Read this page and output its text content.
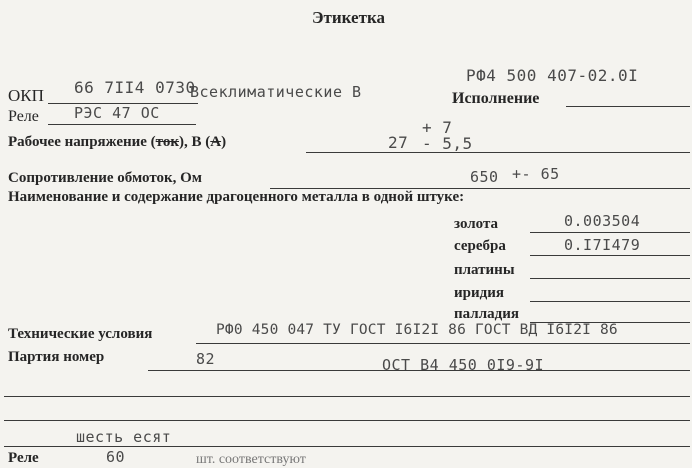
Этикетка
РФ4 500 407-02.0I
Исполнение
ОКП 66 7II4 0730
Всеклиматические В
Реле РЭС 47 ОС
Рабочее напряжение (ток), В (А)
+ 7
27 - 5,5
Сопротивление обмоток, Ом	650 +- 65
Наименование и содержание драгоценного металла в одной штуке:
золота	0.003504
серебра	0.I7I479
платины
иридия
палладия
Технические условия	РФ0 450 047 ТУ ГОСТ I6I2I 86 ГОСТ ВД I6I2I 86
Партия номер	82	ОСТ В4 450 0I9-9I
шесть есят
Реле	60	шт. соответствуют
